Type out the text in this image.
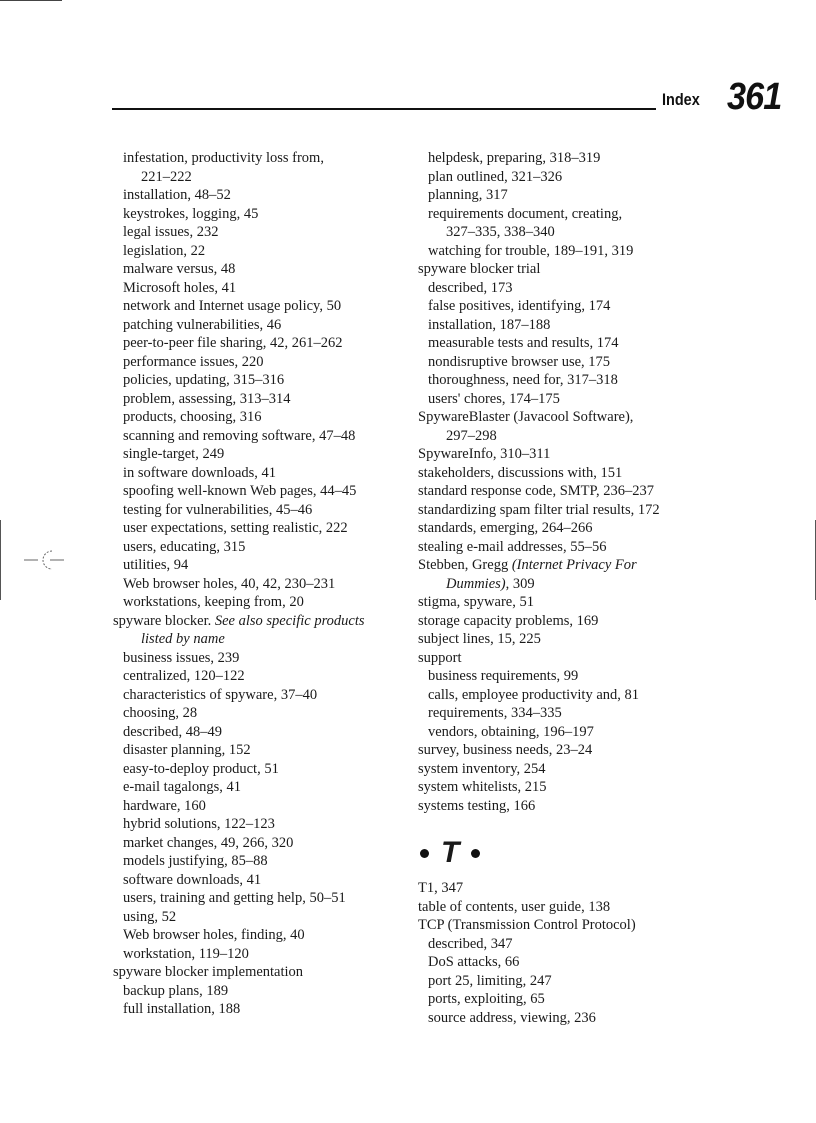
Index 361

infestation, productivity loss from,

221–222

installation, 48–52

keystrokes, logging, 45

legal issues, 232

legislation, 22

malware versus, 48

Microsoft holes, 41

network and Internet usage policy, 50

patching vulnerabilities, 46

peer-to-peer file sharing, 42, 261–262

performance issues, 220

policies, updating, 315–316

problem, assessing, 313–314

products, choosing, 316

scanning and removing software, 47–48

single-target, 249

in software downloads, 41

spoofing well-known Web pages, 44–45

testing for vulnerabilities, 45–46

user expectations, setting realistic, 222

users, educating, 315

utilities, 94

Web browser holes, 40, 42, 230–231

workstations, keeping from, 20

spyware blocker. See also specific products

listed by name

business issues, 239

centralized, 120–122

characteristics of spyware, 37–40

choosing, 28

described, 48–49

disaster planning, 152

easy-to-deploy product, 51

e-mail tagalongs, 41

hardware, 160

hybrid solutions, 122–123

market changes, 49, 266, 320

models justifying, 85–88

software downloads, 41

users, training and getting help, 50–51

using, 52

Web browser holes, finding, 40

workstation, 119–120

spyware blocker implementation

backup plans, 189

full installation, 188

helpdesk, preparing, 318–319

plan outlined, 321–326

planning, 317

requirements document, creating,

327–335, 338–340

watching for trouble, 189–191, 319

spyware blocker trial

described, 173

false positives, identifying, 174

installation, 187–188

measurable tests and results, 174

nondisruptive browser use, 175

thoroughness, need for, 317–318

users' chores, 174–175

SpywareBlaster (Javacool Software),

297–298

SpywareInfo, 310–311

stakeholders, discussions with, 151

standard response code, SMTP, 236–237

standardizing spam filter trial results, 172

standards, emerging, 264–266

stealing e-mail addresses, 55–56

Stebben, Gregg (Internet Privacy For

Dummies), 309

stigma, spyware, 51

storage capacity problems, 169

subject lines, 15, 225

support

business requirements, 99

calls, employee productivity and, 81

requirements, 334–335

vendors, obtaining, 196–197

survey, business needs, 23–24

system inventory, 254

system whitelists, 215

systems testing, 166

T

T1, 347

table of contents, user guide, 138

TCP (Transmission Control Protocol)

described, 347

DoS attacks, 66

port 25, limiting, 247

ports, exploiting, 65

source address, viewing, 236
